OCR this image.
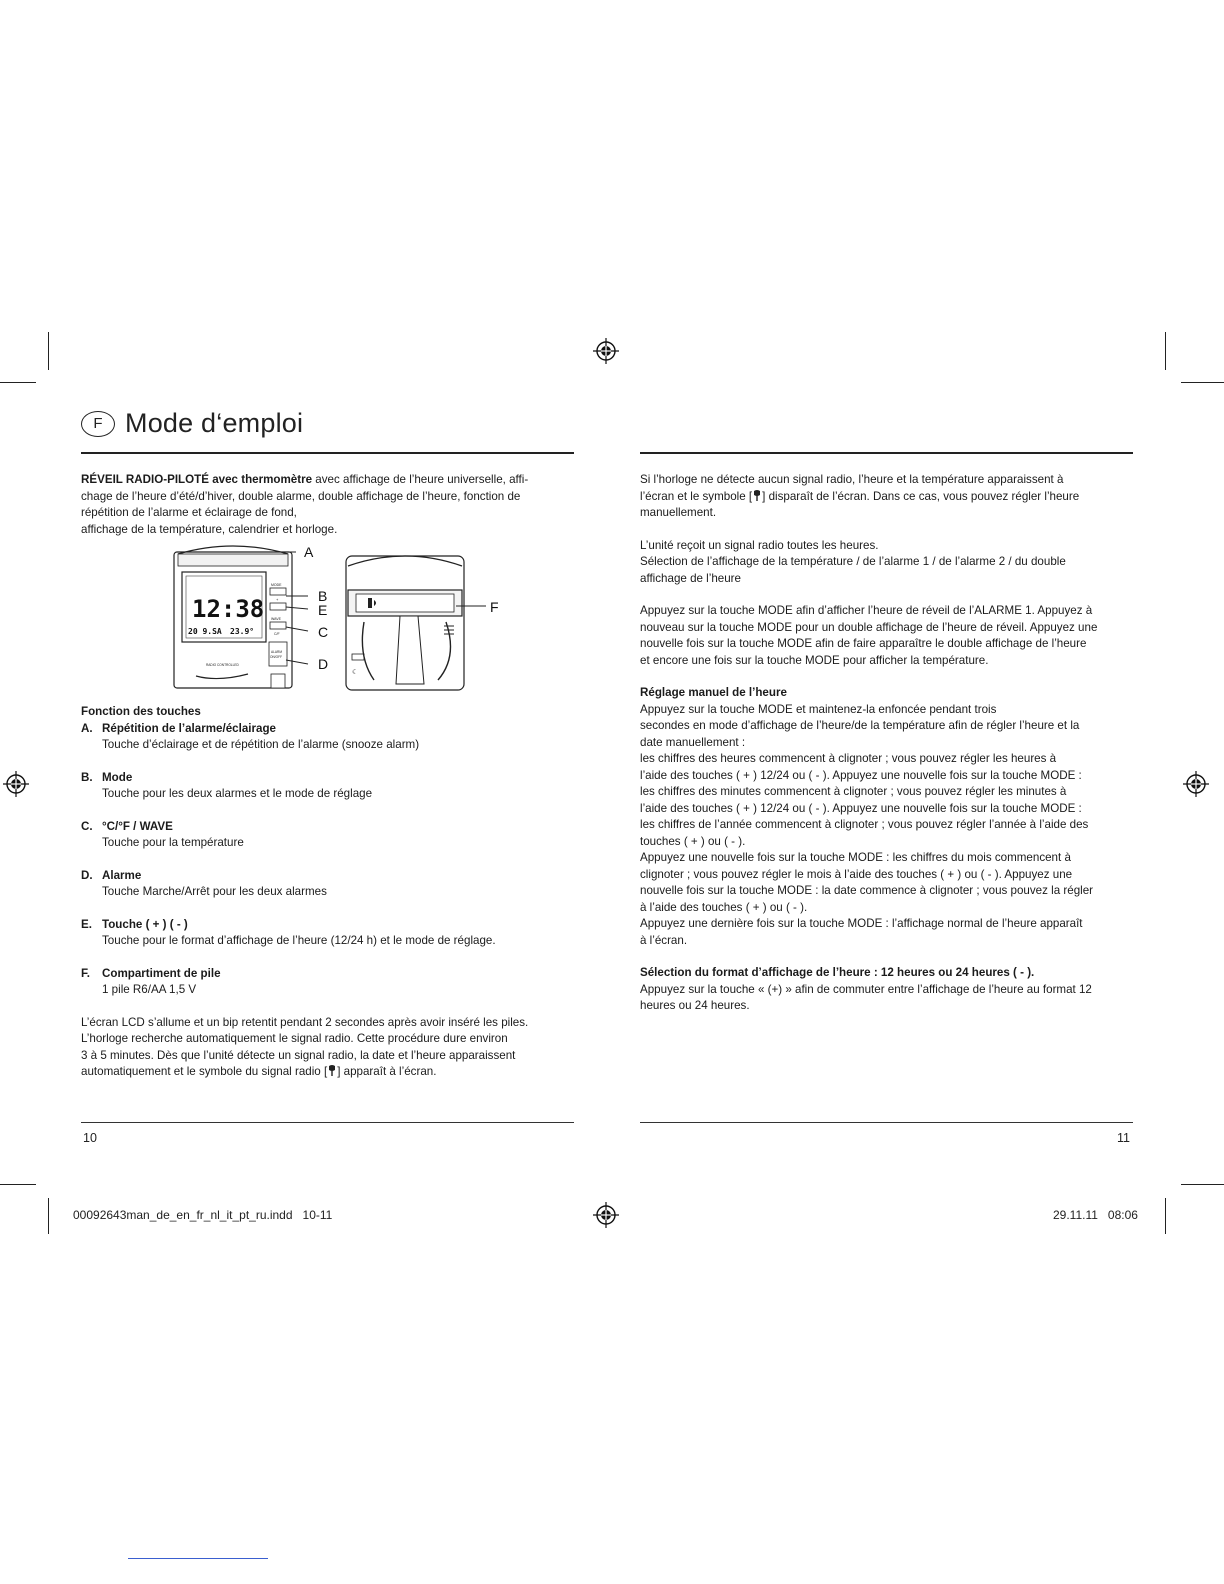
F Mode d‘emploi

RÉVEIL RADIO-PILOTÉ avec thermomètre avec affichage de l’heure universelle, affi-

chage de l’heure d’été/d’hiver, double alarme, double affichage de l’heure, fonction de

répétition de l’alarme et éclairage de fond,

affichage de la température, calendrier et horloge.

12:38
20 9.SA 23.9°
MODE
+
WAVE
C/F
ALARM
ON/OFF
RADIO CONTROLLED
A
B
E
C
D
☾
F

Fonction des touches

A. Répétition de l’alarme/éclairage

Touche d’éclairage et de répétition de l’alarme (snooze alarm)

B. Mode

Touche pour les deux alarmes et le mode de réglage

C. °C/°F / WAVE

Touche pour la température

D. Alarme

Touche Marche/Arrêt pour les deux alarmes

E. Touche ( + ) ( - )

Touche pour le format d’affichage de l’heure (12/24 h) et le mode de réglage.

F.	Compartiment de pile

1 pile R6/AA 1,5 V

L’écran LCD s’allume et un bip retentit pendant 2 secondes après avoir inséré les piles.

L’horloge recherche automatiquement le signal radio. Cette procédure dure environ

3 à 5 minutes. Dès que l’unité détecte un signal radio, la date et l’heure apparaissent

automatiquement et le symbole du signal radio [ ] apparaît à l’écran.

Si l’horloge ne détecte aucun signal radio, l’heure et la température apparaissent à

l’écran et le symbole [ ] disparaît de l’écran. Dans ce cas, vous pouvez régler l’heure

manuellement.

L’unité reçoit un signal radio toutes les heures.

Sélection de l’affichage de la température / de l’alarme 1 / de l’alarme 2 / du double

affichage de l’heure

Appuyez sur la touche MODE afin d’afficher l’heure de réveil de l’ALARME 1. Appuyez à

nouveau sur la touche MODE pour un double affichage de l’heure de réveil. Appuyez une

nouvelle fois sur la touche MODE afin de faire apparaître le double affichage de l’heure

et encore une fois sur la touche MODE pour afficher la température.

Réglage manuel de l’heure

Appuyez sur la touche MODE et maintenez-la enfoncée pendant trois

secondes en mode d’affichage de l’heure/de la température afin de régler l’heure et la

date manuellement :

les chiffres des heures commencent à clignoter ; vous pouvez régler les heures à

l’aide des touches ( + ) 12/24 ou ( - ). Appuyez une nouvelle fois sur la touche MODE :

les chiffres des minutes commencent à clignoter ; vous pouvez régler les minutes à

l’aide des touches ( + ) 12/24 ou ( - ). Appuyez une nouvelle fois sur la touche MODE :

les chiffres de l’année commencent à clignoter ; vous pouvez régler l’année à l’aide des

touches ( + ) ou ( - ).

Appuyez une nouvelle fois sur la touche MODE : les chiffres du mois commencent à

clignoter ; vous pouvez régler le mois à l’aide des touches ( + ) ou ( - ). Appuyez une

nouvelle fois sur la touche MODE : la date commence à clignoter ; vous pouvez la régler

à l’aide des touches ( + ) ou ( - ).

Appuyez une dernière fois sur la touche MODE : l’affichage normal de l’heure apparaît

à l’écran.

Sélection du format d’affichage de l’heure : 12 heures ou 24 heures ( - ).

Appuyez sur la touche « (+) » afin de commuter entre l’affichage de l’heure au format 12

heures ou 24 heures.

10	11
00092643man_de_en_fr_nl_it_pt_ru.indd   10-11	29.11.11   08:06
